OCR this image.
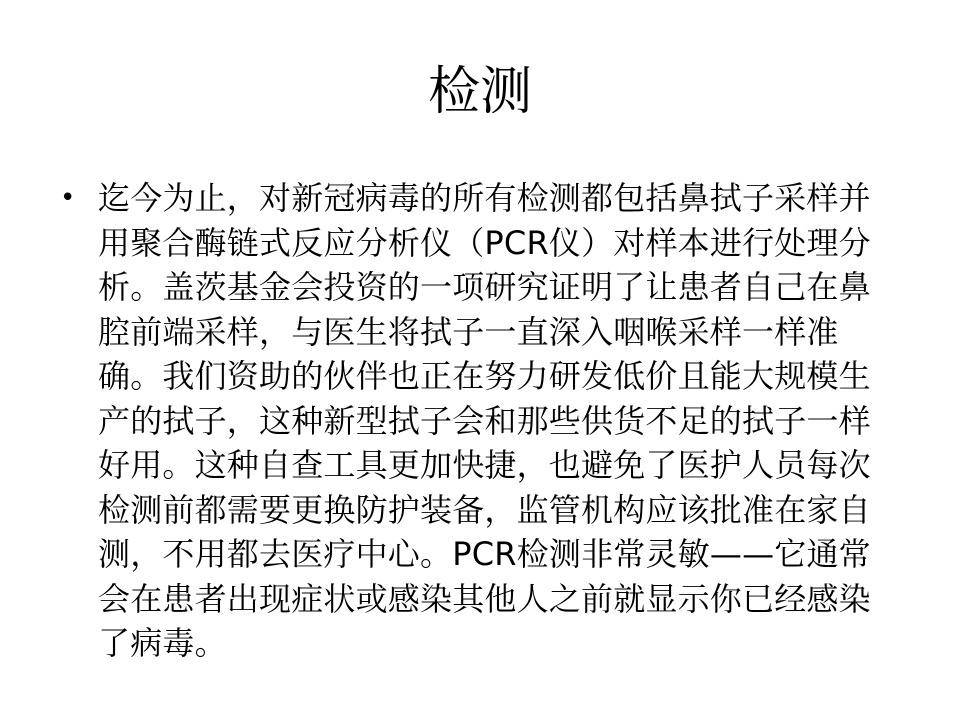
检测
• 迄今为止，对新冠病毒的所有检测都包括鼻拭子采样并用聚合酶链式反应分析仪（PCR仪）对样本进行处理分析。盖茨基金会投资的一项研究证明了让患者自己在鼻腔前端采样，与医生将拭子一直深入咽喉采样一样准确。我们资助的伙伴也正在努力研发低价且能大规模生产的拭子，这种新型拭子会和那些供货不足的拭子一样好用。这种自查工具更加快捷，也避免了医护人员每次检测前都需要更换防护装备，监管机构应该批准在家自测，不用都去医疗中心。PCR检测非常灵敏——它通常会在患者出现症状或感染其他人之前就显示你已经感染了病毒。
